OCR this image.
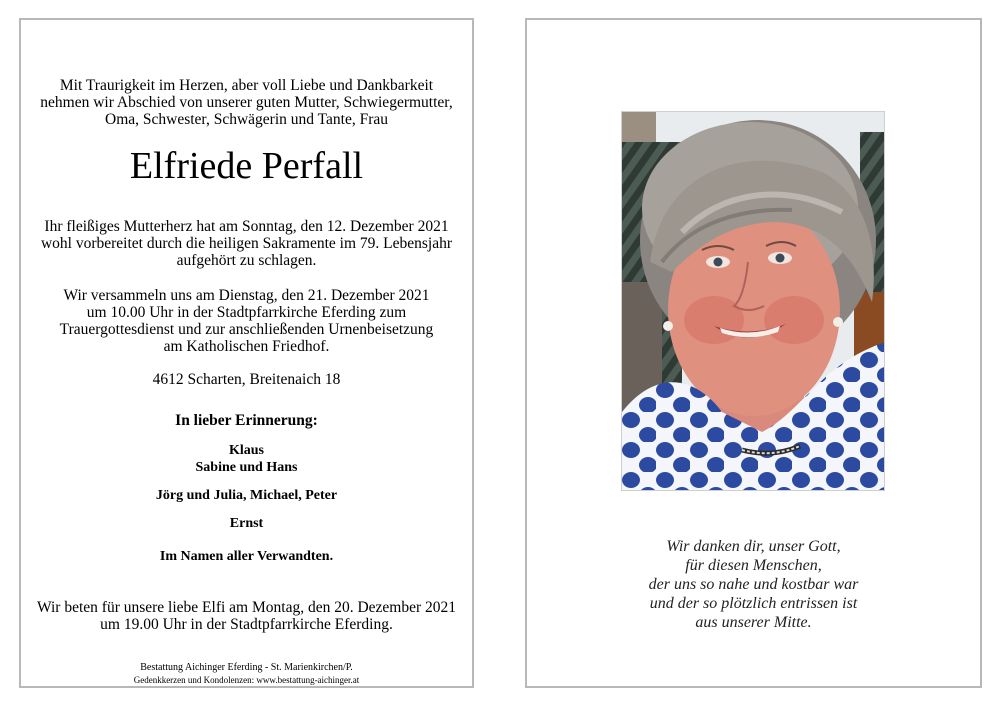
Mit Traurigkeit im Herzen, aber voll Liebe und Dankbarkeit
nehmen wir Abschied von unserer guten Mutter, Schwiegermutter,
Oma, Schwester, Schwägerin und Tante, Frau
Elfriede Perfall
Ihr fleißiges Mutterherz hat am Sonntag, den 12. Dezember 2021
wohl vorbereitet durch die heiligen Sakramente im 79. Lebensjahr
aufgehört zu schlagen.
Wir versammeln uns am Dienstag, den 21. Dezember 2021
um 10.00 Uhr in der Stadtpfarrkirche Eferding zum
Trauergottesdienst und zur anschließenden Urnenbeisetzung
am Katholischen Friedhof.
4612 Scharten, Breitenaich 18
In lieber Erinnerung:
Klaus
Sabine und Hans
Jörg und Julia, Michael, Peter
Ernst
Im Namen aller Verwandten.
Wir beten für unsere liebe Elfi am Montag, den 20. Dezember 2021
um 19.00 Uhr in der Stadtpfarrkirche Eferding.
Bestattung Aichinger Eferding - St. Marienkirchen/P.
Gedenkkerzen und Kondolenzen: www.bestattung-aichinger.at
Wir danken dir, unser Gott,
für diesen Menschen,
der uns so nahe und kostbar war
und der so plötzlich entrissen ist
aus unserer Mitte.
